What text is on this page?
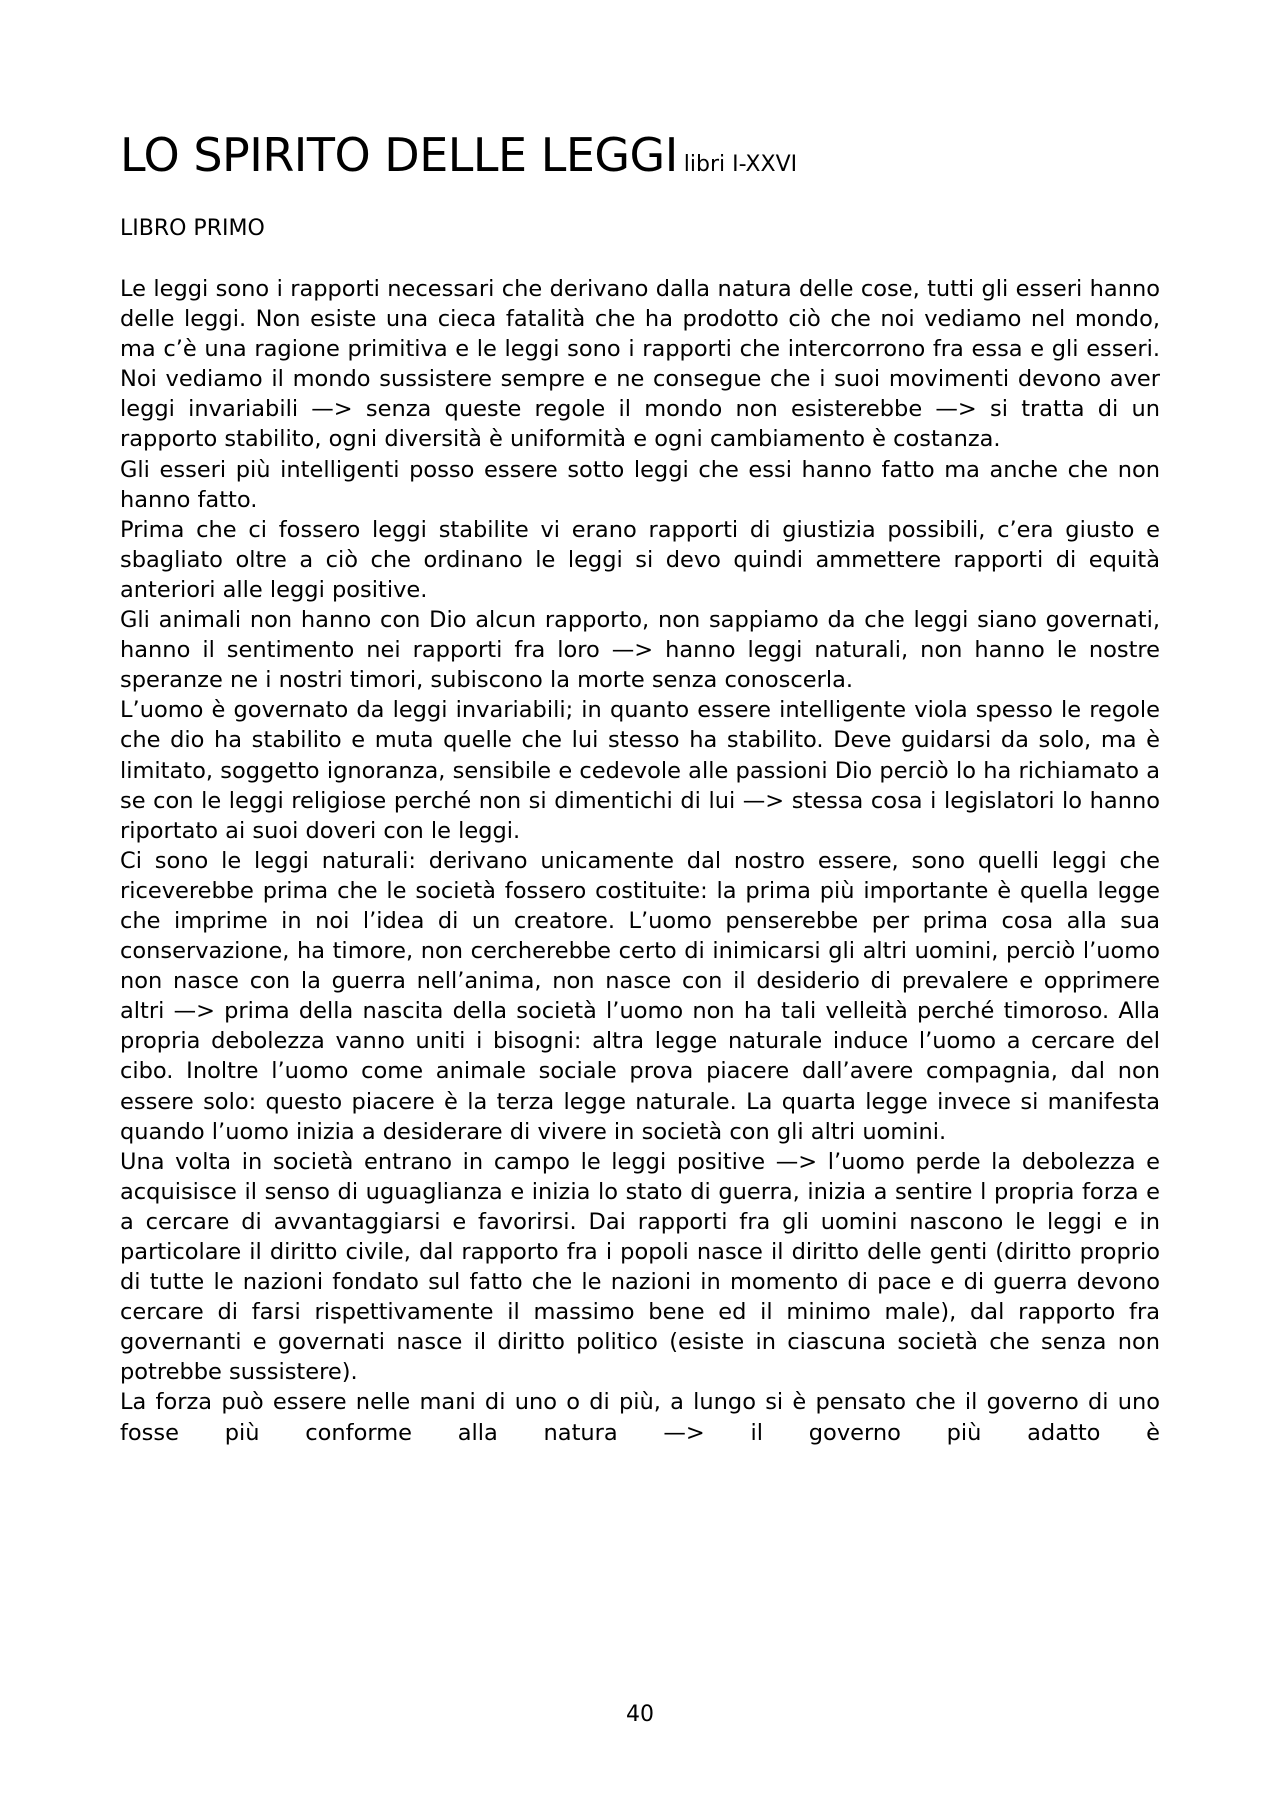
LO SPIRITO DELLE LEGGI libri I-XXVI
LIBRO PRIMO

Le leggi sono i rapporti necessari che derivano dalla natura delle cose, tutti gli esseri hanno delle leggi. Non esiste una cieca fatalità che ha prodotto ciò che noi vediamo nel mondo, ma c’è una ragione primitiva e le leggi sono i rapporti che intercorrono fra essa e gli esseri. Noi vediamo il mondo sussistere sempre e ne consegue che i suoi movimenti devono aver leggi invariabili —> senza queste regole il mondo non esisterebbe —> si tratta di un rapporto stabilito, ogni diversità è uniformità e ogni cambiamento è costanza.

Gli esseri più intelligenti posso essere sotto leggi che essi hanno fatto ma anche che non hanno fatto.

Prima che ci fossero leggi stabilite vi erano rapporti di giustizia possibili, c’era giusto e sbagliato oltre a ciò che ordinano le leggi si devo quindi ammettere rapporti di equità anteriori alle leggi positive.

Gli animali non hanno con Dio alcun rapporto, non sappiamo da che leggi siano governati, hanno il sentimento nei rapporti fra loro —> hanno leggi naturali, non hanno le nostre speranze ne i nostri timori, subiscono la morte senza conoscerla.

L’uomo è governato da leggi invariabili; in quanto essere intelligente viola spesso le regole che dio ha stabilito e muta quelle che lui stesso ha stabilito. Deve guidarsi da solo, ma è limitato, soggetto ignoranza, sensibile e cedevole alle passioni Dio perciò lo ha richiamato a se con le leggi religiose perché non si dimentichi di lui —> stessa cosa i legislatori lo hanno riportato ai suoi doveri con le leggi.

Ci sono le leggi naturali: derivano unicamente dal nostro essere, sono quelli leggi che riceverebbe prima che le società fossero costituite: la prima più importante è quella legge che imprime in noi l’idea di un creatore. L’uomo penserebbe per prima cosa alla sua conservazione, ha timore, non cercherebbe certo di inimicarsi gli altri uomini, perciò l’uomo non nasce con la guerra nell’anima, non nasce con il desiderio di prevalere e opprimere altri —> prima della nascita della società l’uomo non ha tali velleità perché timoroso. Alla propria debolezza vanno uniti i bisogni: altra legge naturale induce l’uomo a cercare del cibo. Inoltre l’uomo come animale sociale prova piacere dall’avere compagnia, dal non essere solo: questo piacere è la terza legge naturale. La quarta legge invece si manifesta quando l’uomo inizia a desiderare di vivere in società con gli altri uomini.

Una volta in società entrano in campo le leggi positive —> l’uomo perde la debolezza e acquisisce il senso di uguaglianza e inizia lo stato di guerra, inizia a sentire l propria forza e a cercare di avvantaggiarsi e favorirsi. Dai rapporti fra gli uomini nascono le leggi e in particolare il diritto civile, dal rapporto fra i popoli nasce il diritto delle genti (diritto proprio di tutte le nazioni fondato sul fatto che le nazioni in momento di pace e di guerra devono cercare di farsi rispettivamente il massimo bene ed il minimo male), dal rapporto fra governanti e governati nasce il diritto politico (esiste in ciascuna società che senza non potrebbe sussistere).

La forza può essere nelle mani di uno o di più, a lungo si è pensato che il governo di uno fosse più conforme alla natura —> il governo più adatto è

40
